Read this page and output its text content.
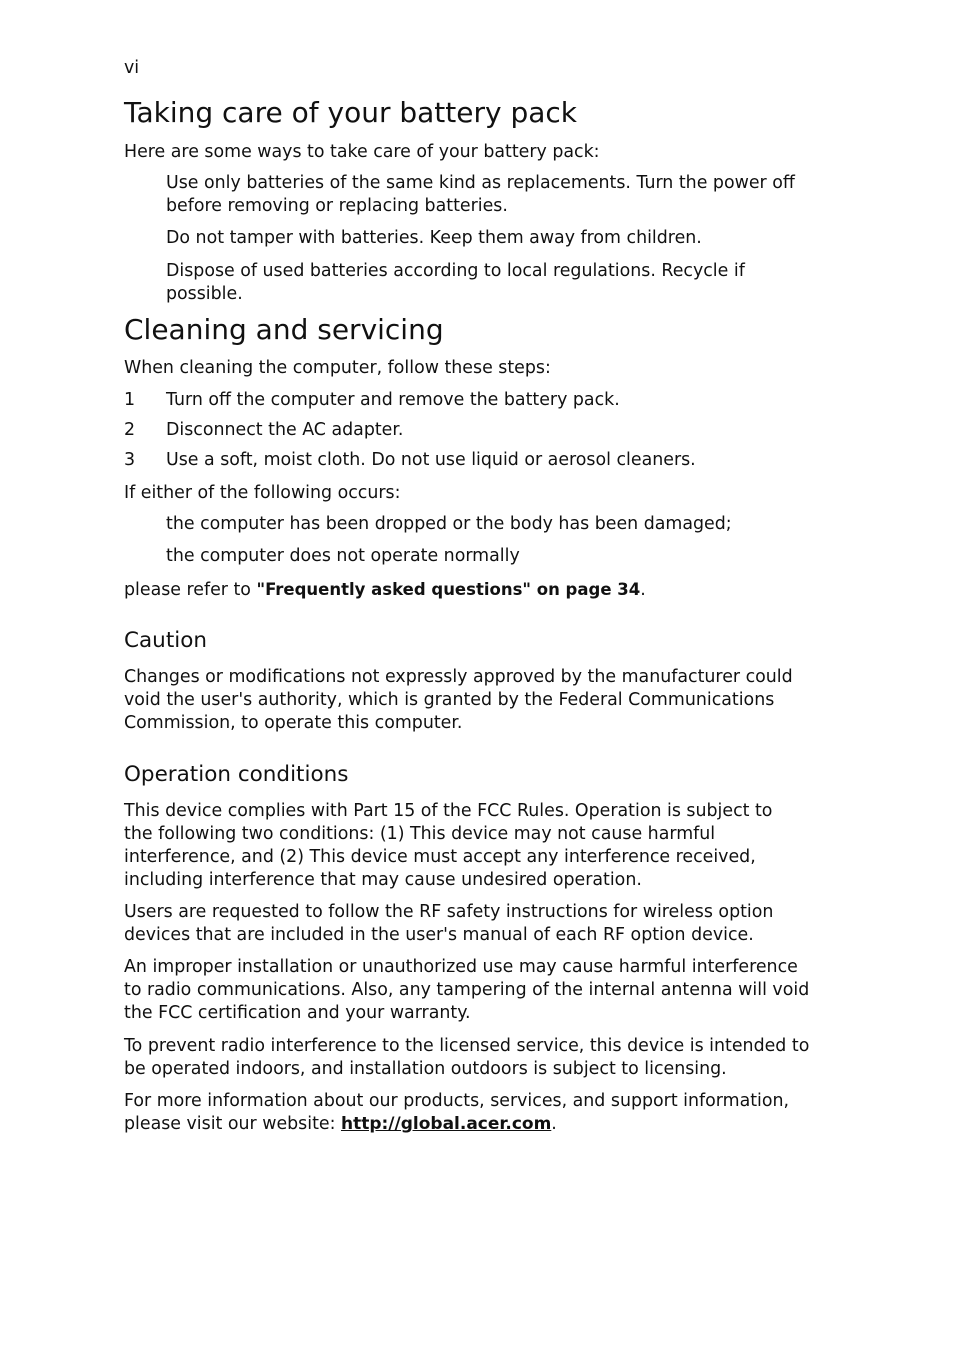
vi
Taking care of your battery pack

Here are some ways to take care of your battery pack:

Use only batteries of the same kind as replacements. Turn the power off before removing or replacing batteries.

Do not tamper with batteries. Keep them away from children.

Dispose of used batteries according to local regulations. Recycle if possible.

Cleaning and servicing

When cleaning the computer, follow these steps:

1 Turn off the computer and remove the battery pack.
2 Disconnect the AC adapter.
3 Use a soft, moist cloth. Do not use liquid or aerosol cleaners.

If either of the following occurs:

the computer has been dropped or the body has been damaged;

the computer does not operate normally

please refer to "Frequently asked questions" on page 34.

Caution

Changes or modifications not expressly approved by the manufacturer could void the user's authority, which is granted by the Federal Communications Commission, to operate this computer.

Operation conditions

This device complies with Part 15 of the FCC Rules. Operation is subject to the following two conditions: (1) This device may not cause harmful interference, and (2) This device must accept any interference received, including interference that may cause undesired operation.

Users are requested to follow the RF safety instructions for wireless option devices that are included in the user's manual of each RF option device.

An improper installation or unauthorized use may cause harmful interference to radio communications. Also, any tampering of the internal antenna will void the FCC certification and your warranty.

To prevent radio interference to the licensed service, this device is intended to be operated indoors, and installation outdoors is subject to licensing.

For more information about our products, services, and support information, please visit our website: http://global.acer.com.
